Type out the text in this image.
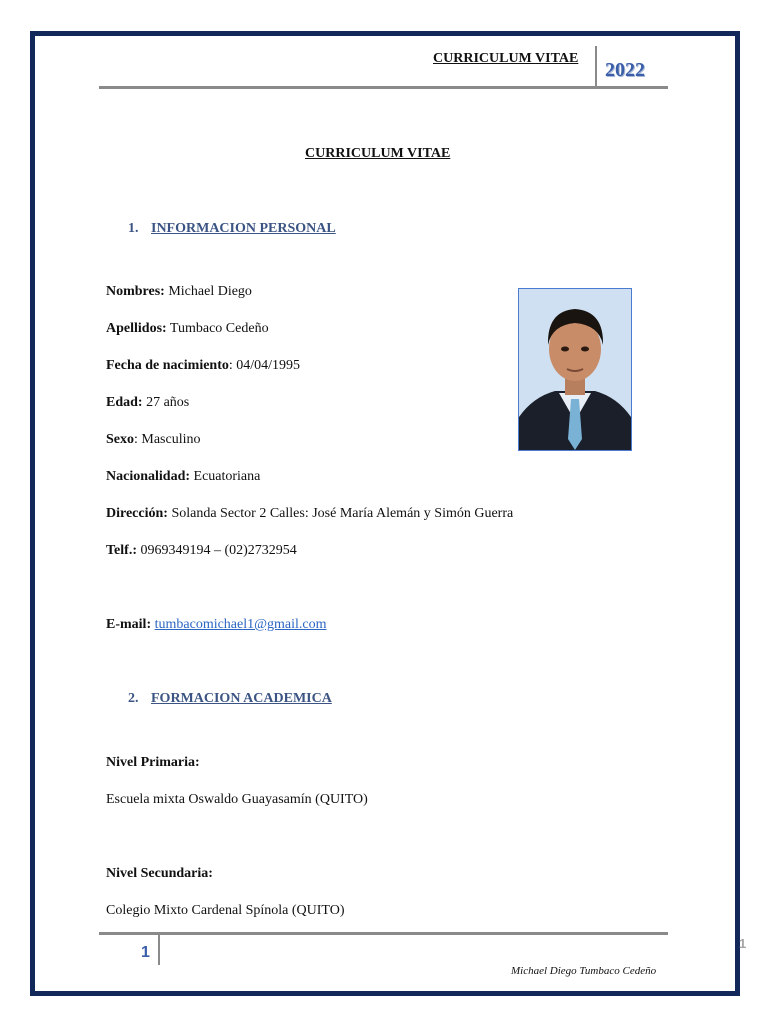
CURRICULUM VITAE
2022
CURRICULUM VITAE
1. INFORMACION PERSONAL
Nombres: Michael Diego
Apellidos: Tumbaco Cedeño
Fecha de nacimiento: 04/04/1995
Edad: 27 años
Sexo: Masculino
Nacionalidad: Ecuatoriana
Dirección: Solanda Sector 2 Calles: José María Alemán y Simón Guerra
Telf.: 0969349194 – (02)2732954
E-mail: tumbacomichael1@gmail.com
2. FORMACION ACADEMICA
Nivel Primaria:
Escuela mixta Oswaldo Guayasamín (QUITO)
Nivel Secundaria:
Colegio Mixto Cardenal Spínola (QUITO)
1
Michael Diego Tumbaco Cedeño
1
